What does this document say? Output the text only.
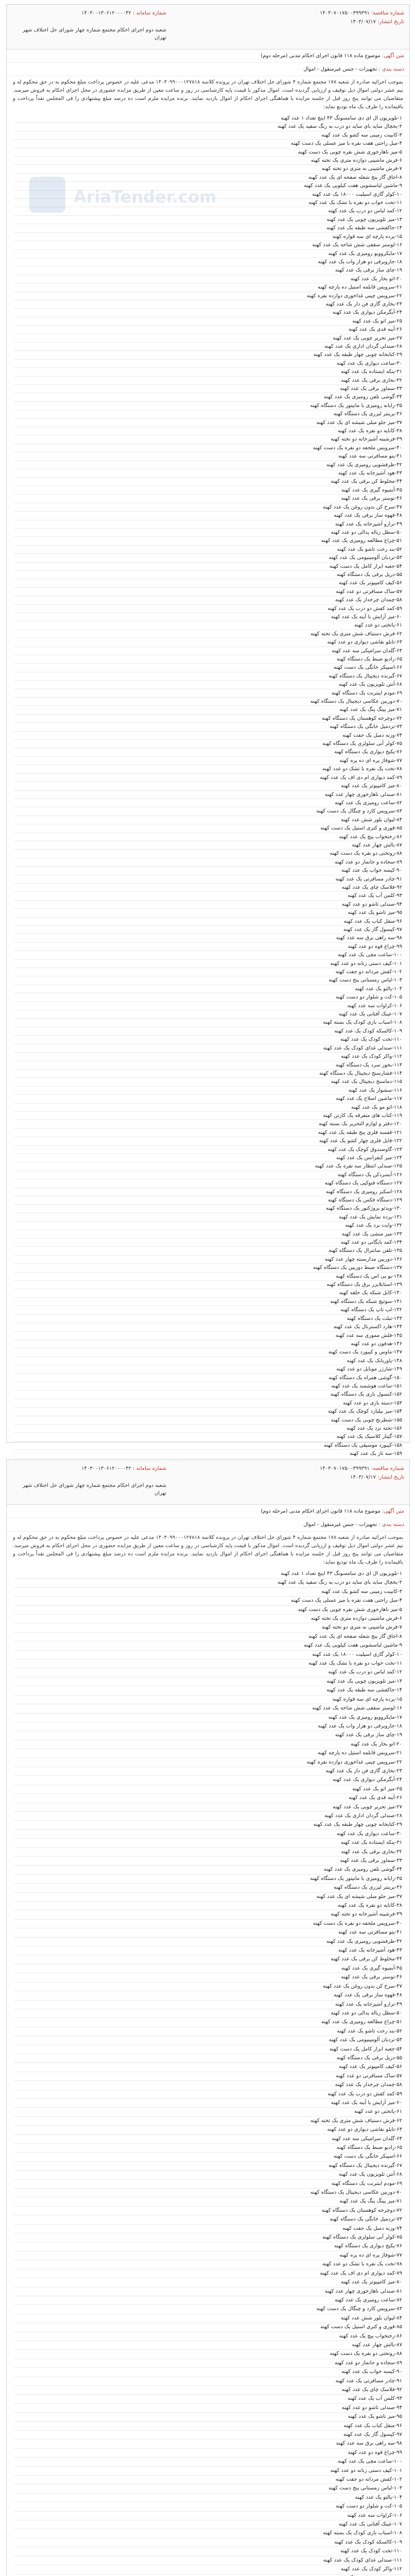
شماره مناقصه: ۱۴۰۳۰۷۰۱۷۵۰۰۳۹۹۳۹۱
تاریخ انتشار: ۱۴۰۳/۰۷/۱۷
شماره سامانه : ۱۴۰۳۰۰۱۳۰۶۱۲۰۰۰۰۴۲
شعبه دوم اجرای احکام مجتمع شماره چهار شورای حل اختلاف شهر تهران
متن آگهی: موضوع ماده ۱۱۸ قانون اجرای احکام مدنی (مرحله دوم)
دسته بندی : تجهیزات - جنس غیرمنقول - اموال
AriaTender.com
بموجب اجرائیه صادره از شعبه ۱۷۸ مجتمع شماره ۴ شورای حل اختلاف تهران در پرونده کلاسه ۱۴۰۳۰۹۹۰۰۰۱۲۷۸۱۸ مدعی علیه در خصوص پرداخت مبلغ محکوم به در حق محکوم له و نیم عشر دولتی اموال ذیل توقیف و ارزیابی گردیده است. اموال مذکور با قیمت پایه کارشناسی در روز و ساعت معین از طریق مزایده حضوری در محل اجرای احکام به فروش میرسد. متقاضیان می توانند پنج روز قبل از جلسه مزایده با هماهنگی اجرای احکام از اموال بازدید نمایند. برنده مزایده ملزم است ده درصد مبلغ پیشنهادی را فی المجلس نقداً پرداخت و باقیمانده را ظرف یک ماه تودیع نماید:
۱-تلویزیون ال ای دی سامسونگ ۴۳ اینچ تعداد ۱ عدد کهنه
۲-یخچال ساید بای ساید دو درب به رنگ سفید یک عدد کهنه
۳-کابینت زمینی سه کشو یک عدد کهنه
۴-مبل راحتی هفت نفره با میز عسلی یک دست کهنه
۵-میز ناهارخوری شش نفره چوبی یک دست کهنه
۶-فرش ماشینی دوازده متری یک تخته کهنه
۷-فرش ماشینی نه متری دو تخته کهنه
۸-اجاق گاز پنج شعله صفحه ای یک عدد کهنه
۹-ماشین لباسشویی هفت کیلویی یک عدد کهنه
۱۰-کولر گازی اسپلیت ۱۸۰۰۰ یک عدد کهنه
۱۱-تخت خواب دو نفره با تشک یک عدد کهنه
۱۲-کمد لباس دو درب یک عدد کهنه
۱۳-میز تلویزیون چوبی یک عدد کهنه
۱۴-جاکفشی سه طبقه یک عدد کهنه
۱۵-پرده پارچه ای سه قواره کهنه
۱۶-لوستر سقفی شش شاخه یک عدد کهنه
۱۷-مایکروویو رومیزی یک عدد کهنه
۱۸-جاروبرقی دو هزار وات یک عدد کهنه
۱۹-چای ساز برقی یک عدد کهنه
۲۰-اتو بخار یک عدد کهنه
۲۱-سرویس قابلمه استیل ده پارچه کهنه
۲۲-سرویس چینی غذاخوری دوازده نفره کهنه
۲۳-بخاری گازی فن دار یک عدد کهنه
۲۴-آبگرمکن دیواری یک عدد کهنه
۲۵-میز اتو یک عدد کهنه
۲۶-آینه قدی یک عدد کهنه
۲۷-میز تحریر چوبی یک عدد کهنه
۲۸-صندلی گردان اداری یک عدد کهنه
۲۹-کتابخانه چوبی چهار طبقه یک عدد کهنه
۳۰-ساعت دیواری یک عدد کهنه
۳۱-پنکه ایستاده یک عدد کهنه
۳۲-بخاری برقی یک عدد کهنه
۳۳-سماور برقی یک عدد کهنه
۳۴-گوشی تلفن رومیزی یک عدد کهنه
۳۵-رایانه رومیزی با مانیتور یک دستگاه کهنه
۳۶-پرینتر لیزری یک دستگاه کهنه
۳۷-میز جلو مبلی شیشه ای یک عدد کهنه
۳۸-کاناپه دو نفره یک عدد کهنه
۳۹-فرشینه آشپزخانه دو تخته کهنه
۴۰-سرویس ملحفه دو نفره یک دست کهنه
۴۱-پتو مسافرتی سه عدد کهنه
۴۲-ظرفشویی رومیزی یک عدد کهنه
۴۳-هود آشپزخانه یک عدد کهنه
۴۴-مخلوط کن برقی یک عدد کهنه
۴۵-آبمیوه گیری یک عدد کهنه
۴۶-توستر برقی یک عدد کهنه
۴۷-سرخ کن بدون روغن یک عدد کهنه
۴۸-قهوه ساز برقی یک عدد کهنه
۴۹-ترازو آشپزخانه یک عدد کهنه
۵۰-سطل زباله پدالی دو عدد کهنه
۵۱-چراغ مطالعه رومیزی یک عدد کهنه
۵۲-بند رخت تاشو یک عدد کهنه
۵۳-نردبان آلومینیومی یک عدد کهنه
۵۴-جعبه ابزار کامل یک دست کهنه
۵۵-دریل برقی یک دستگاه کهنه
۵۶-کیف کامپیوتر یک عدد کهنه
۵۷-ساک مسافرتی دو عدد کهنه
۵۸-چمدان چرخدار یک عدد کهنه
۵۹-کمد کفش دو درب یک عدد کهنه
۶۰-میز آرایش با آینه یک عدد کهنه
۶۱-پاتختی دو عدد کهنه
۶۲-فرش دستباف شش متری یک تخته کهنه
۶۳-تابلو نقاشی دیواری دو عدد کهنه
۶۴-گلدان سرامیکی سه عدد کهنه
۶۵-رادیو ضبط یک دستگاه کهنه
۶۶-اسپیکر خانگی یک دست کهنه
۶۷-گیرنده دیجیتال یک دستگاه کهنه
۶۸-آنتن تلویزیون یک عدد کهنه
۶۹-مودم اینترنت یک دستگاه کهنه
۷۰-دوربین عکاسی دیجیتال یک دستگاه کهنه
۷۱-میز پینگ پنگ یک عدد کهنه
۷۲-دوچرخه کوهستان یک دستگاه کهنه
۷۳-تردمیل خانگی یک دستگاه کهنه
۷۴-وزنه دمبل یک جفت کهنه
۷۵-کولر آبی سلولزی یک دستگاه کهنه
۷۶-پکیج دیواری یک دستگاه کهنه
۷۷-شوفاژ پره ای ده پره کهنه
۷۸-تخت یک نفره با تشک دو عدد کهنه
۷۹-کمد دیواری ام دی اف یک عدد کهنه
۸۰-میز کامپیوتر یک عدد کهنه
۸۱-صندلی ناهارخوری چهار عدد کهنه
۸۲-ساعت رومیزی یک عدد کهنه
۸۳-سرویس کارد و چنگال یک دست کهنه
۸۴-لیوان بلور شش عدد کهنه
۸۵-قوری و کتری استیل یک دست کهنه
۸۶-رختخواب پیچ یک عدد کهنه
۸۷-بالش چهار عدد کهنه
۸۸-روتختی دو نفره یک دست کهنه
۸۹-سجاده و جانماز دو عدد کهنه
۹۰-کیسه خواب یک عدد کهنه
۹۱-چادر مسافرتی یک عدد کهنه
۹۲-فلاسک چای یک عدد کهنه
۹۳-کلمن آب یک عدد کهنه
۹۴-صندلی تاشو دو عدد کهنه
۹۵-میز تاشو یک عدد کهنه
۹۶-منقل کباب یک عدد کهنه
۹۷-کپسول گاز یک عدد کهنه
۹۸-سه راهی برق سه عدد کهنه
۹۹-چراغ قوه دو عدد کهنه
۱۰۰-ساعت مچی یک عدد کهنه
۱۰۱-کیف دستی زنانه دو عدد کهنه
۱۰۲-کفش مردانه دو جفت کهنه
۱۰۳-لباس زمستانی پنج دست کهنه
۱۰۴-پالتو یک عدد کهنه
۱۰۵-کت و شلوار دو دست کهنه
۱۰۶-کراوات سه عدد کهنه
۱۰۷-عینک آفتابی یک عدد کهنه
۱۰۸-اسباب بازی کودک یک بسته کهنه
۱۰۹-کالسکه کودک یک عدد کهنه
۱۱۰-تخت کودک یک عدد کهنه
۱۱۱-صندلی غذای کودک یک عدد کهنه
۱۱۲-واکر کودک یک عدد کهنه
۱۱۳-بخور سرد یک دستگاه کهنه
۱۱۴-فشارسنج دیجیتال یک دستگاه کهنه
۱۱۵-دماسنج دیجیتال یک عدد کهنه
۱۱۶-سشوار یک عدد کهنه
۱۱۷-ماشین اصلاح یک عدد کهنه
۱۱۸-اتو مو یک عدد کهنه
۱۱۹-کتاب های متفرقه یک کارتن کهنه
۱۲۰-دفتر و لوازم التحریر یک بسته کهنه
۱۲۱-قفسه فلزی پنج طبقه یک عدد کهنه
۱۲۲-فایل فلزی چهار کشو یک عدد کهنه
۱۲۳-گاوصندوق کوچک یک عدد کهنه
۱۲۴-میز کنفرانس یک عدد کهنه
۱۲۵-صندلی انتظار سه نفره یک عدد کهنه
۱۲۶-آبسردکن یک دستگاه کهنه
۱۲۷-دستگاه فتوکپی یک دستگاه کهنه
۱۲۸-اسکنر رومیزی یک دستگاه کهنه
۱۲۹-دستگاه فکس یک دستگاه کهنه
۱۳۰-ویدئو پروژکتور یک دستگاه کهنه
۱۳۱-پرده نمایش یک عدد کهنه
۱۳۲-وایت برد یک عدد کهنه
۱۳۳-میز منشی یک عدد کهنه
۱۳۴-کمد بایگانی دو عدد کهنه
۱۳۵-تلفن سانترال یک دستگاه کهنه
۱۳۶-دوربین مداربسته چهار عدد کهنه
۱۳۷-دستگاه ضبط دوربین یک دستگاه کهنه
۱۳۸-یو پی اس یک دستگاه کهنه
۱۳۹-استابلایزر برق یک دستگاه کهنه
۱۴۰-کابل شبکه یک حلقه کهنه
۱۴۱-سوئیچ شبکه یک دستگاه کهنه
۱۴۲-لپ تاپ یک دستگاه کهنه
۱۴۳-تبلت یک دستگاه کهنه
۱۴۴-هارد اکسترنال یک عدد کهنه
۱۴۵-فلش مموری سه عدد کهنه
۱۴۶-هدفون دو عدد کهنه
۱۴۷-ماوس و کیبورد یک دست کهنه
۱۴۸-پاوربانک یک عدد کهنه
۱۴۹-شارژر موبایل دو عدد کهنه
۱۵۰-گوشی همراه یک دستگاه کهنه
۱۵۱-ساعت هوشمند یک عدد کهنه
۱۵۲-کنسول بازی یک دستگاه کهنه
۱۵۳-دسته بازی دو عدد کهنه
۱۵۴-میز بیلیارد کوچک یک عدد کهنه
۱۵۵-شطرنج چوبی یک دست کهنه
۱۵۶-تخته نرد یک عدد کهنه
۱۵۷-گیتار کلاسیک یک عدد کهنه
۱۵۸-کیبورد موسیقی یک دستگاه کهنه
۱۵۹-سه تار یک عدد کهنه
شماره مناقصه: ۱۴۰۳۰۷۰۱۷۵۰۰۳۹۹۳۹۱
تاریخ انتشار: ۱۴۰۳/۰۷/۱۷
شماره سامانه : ۱۴۰۳۰۰۱۳۰۶۱۲۰۰۰۰۴۲
شعبه دوم اجرای احکام مجتمع شماره چهار شورای حل اختلاف شهر تهران
متن آگهی: موضوع ماده ۱۱۸ قانون اجرای احکام مدنی (مرحله دوم)
دسته بندی : تجهیزات - جنس غیرمنقول - اموال
بموجب اجرائیه صادره از شعبه ۱۷۸ مجتمع شماره ۴ شورای حل اختلاف تهران در پرونده کلاسه ۱۴۰۳۰۹۹۰۰۰۱۲۷۸۱۸ مدعی علیه در خصوص پرداخت مبلغ محکوم به در حق محکوم له و نیم عشر دولتی اموال ذیل توقیف و ارزیابی گردیده است. اموال مذکور با قیمت پایه کارشناسی در روز و ساعت معین از طریق مزایده حضوری در محل اجرای احکام به فروش میرسد. متقاضیان می توانند پنج روز قبل از جلسه مزایده با هماهنگی اجرای احکام از اموال بازدید نمایند. برنده مزایده ملزم است ده درصد مبلغ پیشنهادی را فی المجلس نقداً پرداخت و باقیمانده را ظرف یک ماه تودیع نماید:
۱-تلویزیون ال ای دی سامسونگ ۴۳ اینچ تعداد ۱ عدد کهنه
۲-یخچال ساید بای ساید دو درب به رنگ سفید یک عدد کهنه
۳-کابینت زمینی سه کشو یک عدد کهنه
۴-مبل راحتی هفت نفره با میز عسلی یک دست کهنه
۵-میز ناهارخوری شش نفره چوبی یک دست کهنه
۶-فرش ماشینی دوازده متری یک تخته کهنه
۷-فرش ماشینی نه متری دو تخته کهنه
۸-اجاق گاز پنج شعله صفحه ای یک عدد کهنه
۹-ماشین لباسشویی هفت کیلویی یک عدد کهنه
۱۰-کولر گازی اسپلیت ۱۸۰۰۰ یک عدد کهنه
۱۱-تخت خواب دو نفره با تشک یک عدد کهنه
۱۲-کمد لباس دو درب یک عدد کهنه
۱۳-میز تلویزیون چوبی یک عدد کهنه
۱۴-جاکفشی سه طبقه یک عدد کهنه
۱۵-پرده پارچه ای سه قواره کهنه
۱۶-لوستر سقفی شش شاخه یک عدد کهنه
۱۷-مایکروویو رومیزی یک عدد کهنه
۱۸-جاروبرقی دو هزار وات یک عدد کهنه
۱۹-چای ساز برقی یک عدد کهنه
۲۰-اتو بخار یک عدد کهنه
۲۱-سرویس قابلمه استیل ده پارچه کهنه
۲۲-سرویس چینی غذاخوری دوازده نفره کهنه
۲۳-بخاری گازی فن دار یک عدد کهنه
۲۴-آبگرمکن دیواری یک عدد کهنه
۲۵-میز اتو یک عدد کهنه
۲۶-آینه قدی یک عدد کهنه
۲۷-میز تحریر چوبی یک عدد کهنه
۲۸-صندلی گردان اداری یک عدد کهنه
۲۹-کتابخانه چوبی چهار طبقه یک عدد کهنه
۳۰-ساعت دیواری یک عدد کهنه
۳۱-پنکه ایستاده یک عدد کهنه
۳۲-بخاری برقی یک عدد کهنه
۳۳-سماور برقی یک عدد کهنه
۳۴-گوشی تلفن رومیزی یک عدد کهنه
۳۵-رایانه رومیزی با مانیتور یک دستگاه کهنه
۳۶-پرینتر لیزری یک دستگاه کهنه
۳۷-میز جلو مبلی شیشه ای یک عدد کهنه
۳۸-کاناپه دو نفره یک عدد کهنه
۳۹-فرشینه آشپزخانه دو تخته کهنه
۴۰-سرویس ملحفه دو نفره یک دست کهنه
۴۱-پتو مسافرتی سه عدد کهنه
۴۲-ظرفشویی رومیزی یک عدد کهنه
۴۳-هود آشپزخانه یک عدد کهنه
۴۴-مخلوط کن برقی یک عدد کهنه
۴۵-آبمیوه گیری یک عدد کهنه
۴۶-توستر برقی یک عدد کهنه
۴۷-سرخ کن بدون روغن یک عدد کهنه
۴۸-قهوه ساز برقی یک عدد کهنه
۴۹-ترازو آشپزخانه یک عدد کهنه
۵۰-سطل زباله پدالی دو عدد کهنه
۵۱-چراغ مطالعه رومیزی یک عدد کهنه
۵۲-بند رخت تاشو یک عدد کهنه
۵۳-نردبان آلومینیومی یک عدد کهنه
۵۴-جعبه ابزار کامل یک دست کهنه
۵۵-دریل برقی یک دستگاه کهنه
۵۶-کیف کامپیوتر یک عدد کهنه
۵۷-ساک مسافرتی دو عدد کهنه
۵۸-چمدان چرخدار یک عدد کهنه
۵۹-کمد کفش دو درب یک عدد کهنه
۶۰-میز آرایش با آینه یک عدد کهنه
۶۱-پاتختی دو عدد کهنه
۶۲-فرش دستباف شش متری یک تخته کهنه
۶۳-تابلو نقاشی دیواری دو عدد کهنه
۶۴-گلدان سرامیکی سه عدد کهنه
۶۵-رادیو ضبط یک دستگاه کهنه
۶۶-اسپیکر خانگی یک دست کهنه
۶۷-گیرنده دیجیتال یک دستگاه کهنه
۶۸-آنتن تلویزیون یک عدد کهنه
۶۹-مودم اینترنت یک دستگاه کهنه
۷۰-دوربین عکاسی دیجیتال یک دستگاه کهنه
۷۱-میز پینگ پنگ یک عدد کهنه
۷۲-دوچرخه کوهستان یک دستگاه کهنه
۷۳-تردمیل خانگی یک دستگاه کهنه
۷۴-وزنه دمبل یک جفت کهنه
۷۵-کولر آبی سلولزی یک دستگاه کهنه
۷۶-پکیج دیواری یک دستگاه کهنه
۷۷-شوفاژ پره ای ده پره کهنه
۷۸-تخت یک نفره با تشک دو عدد کهنه
۷۹-کمد دیواری ام دی اف یک عدد کهنه
۸۰-میز کامپیوتر یک عدد کهنه
۸۱-صندلی ناهارخوری چهار عدد کهنه
۸۲-ساعت رومیزی یک عدد کهنه
۸۳-سرویس کارد و چنگال یک دست کهنه
۸۴-لیوان بلور شش عدد کهنه
۸۵-قوری و کتری استیل یک دست کهنه
۸۶-رختخواب پیچ یک عدد کهنه
۸۷-بالش چهار عدد کهنه
۸۸-روتختی دو نفره یک دست کهنه
۸۹-سجاده و جانماز دو عدد کهنه
۹۰-کیسه خواب یک عدد کهنه
۹۱-چادر مسافرتی یک عدد کهنه
۹۲-فلاسک چای یک عدد کهنه
۹۳-کلمن آب یک عدد کهنه
۹۴-صندلی تاشو دو عدد کهنه
۹۵-میز تاشو یک عدد کهنه
۹۶-منقل کباب یک عدد کهنه
۹۷-کپسول گاز یک عدد کهنه
۹۸-سه راهی برق سه عدد کهنه
۹۹-چراغ قوه دو عدد کهنه
۱۰۰-ساعت مچی یک عدد کهنه
۱۰۱-کیف دستی زنانه دو عدد کهنه
۱۰۲-کفش مردانه دو جفت کهنه
۱۰۳-لباس زمستانی پنج دست کهنه
۱۰۴-پالتو یک عدد کهنه
۱۰۵-کت و شلوار دو دست کهنه
۱۰۶-کراوات سه عدد کهنه
۱۰۷-عینک آفتابی یک عدد کهنه
۱۰۸-اسباب بازی کودک یک بسته کهنه
۱۰۹-کالسکه کودک یک عدد کهنه
۱۱۰-تخت کودک یک عدد کهنه
۱۱۱-صندلی غذای کودک یک عدد کهنه
۱۱۲-واکر کودک یک عدد کهنه
